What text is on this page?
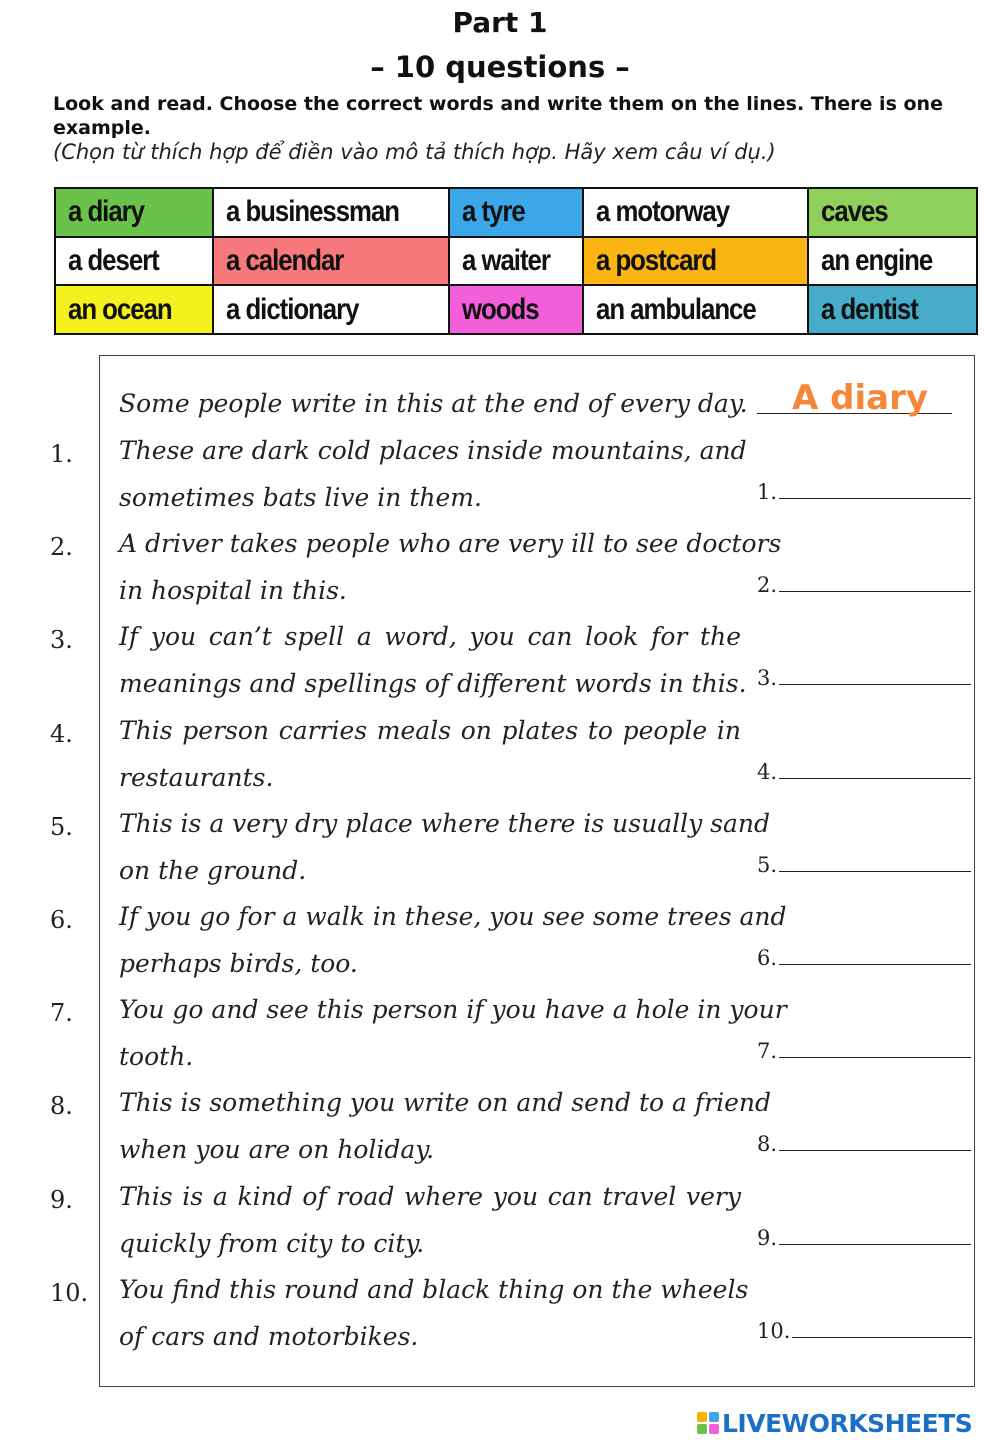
Part 1
– 10 questions –
Look and read. Choose the correct words and write them on the lines. There is one example.
(Chọn từ thích hợp để điền vào mô tả thích hợp. Hãy xem câu ví dụ.)
a diary	a businessman	a tyre	a motorway	caves
a desert	a calendar	a waiter	a postcard	an engine
an ocean	a dictionary	woods	an ambulance	a dentist
Some people write in this at the end of every day. A diary
1.	These are dark cold places inside mountains, and
sometimes bats live in them.	1.
2.	A driver takes people who are very ill to see doctors
in hospital in this.	2.
3.	If you can’t spell a word, you can look for the
meanings and spellings of different words in this. 3.
4.	This person carries meals on plates to people in
restaurants.	4.
5.	This is a very dry place where there is usually sand
on the ground.	5.
6.	If you go for a walk in these, you see some trees and
perhaps birds, too.	6.
7.	You go and see this person if you have a hole in your
tooth.	7.
8.	This is something you write on and send to a friend
when you are on holiday.	8.
9.	This is a kind of road where you can travel very
quickly from city to city.	9.
10. You find this round and black thing on the wheels
of cars and motorbikes.	10.
LIVEWORKSHEETS
